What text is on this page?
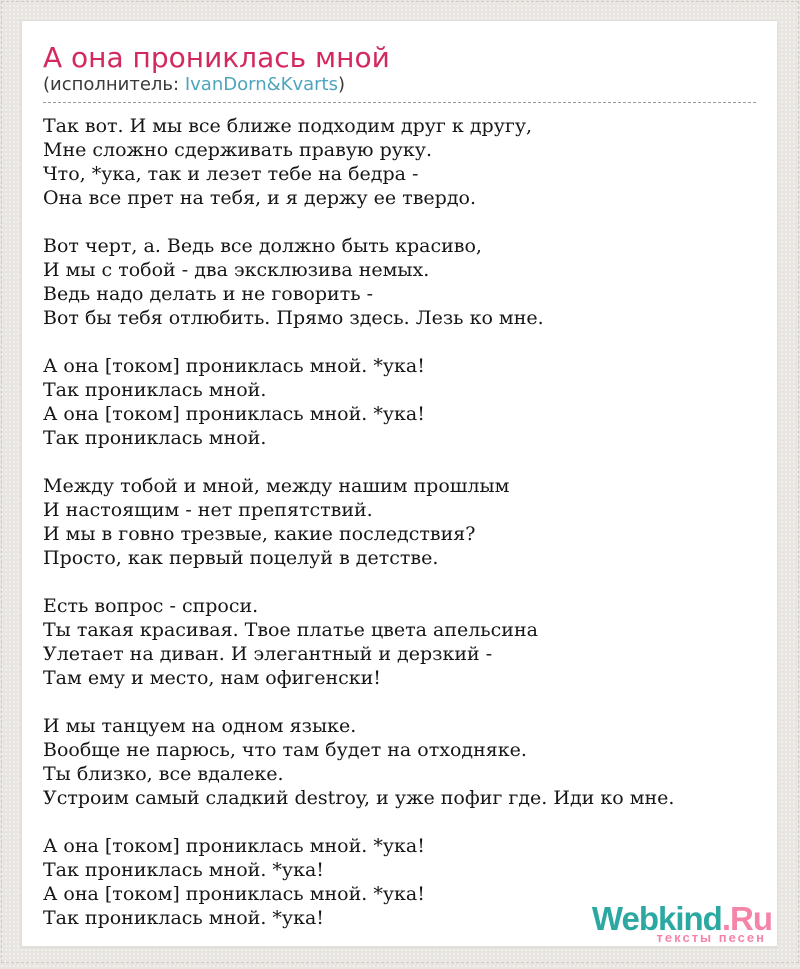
А она прониклась мной
(исполнитель: IvanDorn&Kvarts)
Так вот. И мы все ближе подходим друг к другу,
Мне сложно сдерживать правую руку.
Что, *ука, так и лезет тебе на бедра -
Она все прет на тебя, и я держу ее твердо.
Вот черт, а. Ведь все должно быть красиво,
И мы с тобой - два эксклюзива немых.
Ведь надо делать и не говорить -
Вот бы тебя отлюбить. Прямо здесь. Лезь ко мне.
А она [током] прониклась мной. *ука!
Так прониклась мной.
А она [током] прониклась мной. *ука!
Так прониклась мной.
Между тобой и мной, между нашим прошлым
И настоящим - нет препятствий.
И мы в говно трезвые, какие последствия?
Просто, как первый поцелуй в детстве.
Есть вопрос - спроси.
Ты такая красивая. Твое платье цвета апельсина
Улетает на диван. И элегантный и дерзкий -
Там ему и место, нам офигенски!
И мы танцуем на одном языке.
Вообще не парюсь, что там будет на отходняке.
Ты близко, все вдалеке.
Устроим самый сладкий destroy, и уже пофиг где. Иди ко мне.
А она [током] прониклась мной. *ука!
Так прониклась мной. *ука!
А она [током] прониклась мной. *ука!
Так прониклась мной. *ука!	Webkind.Ru
тексты песен
